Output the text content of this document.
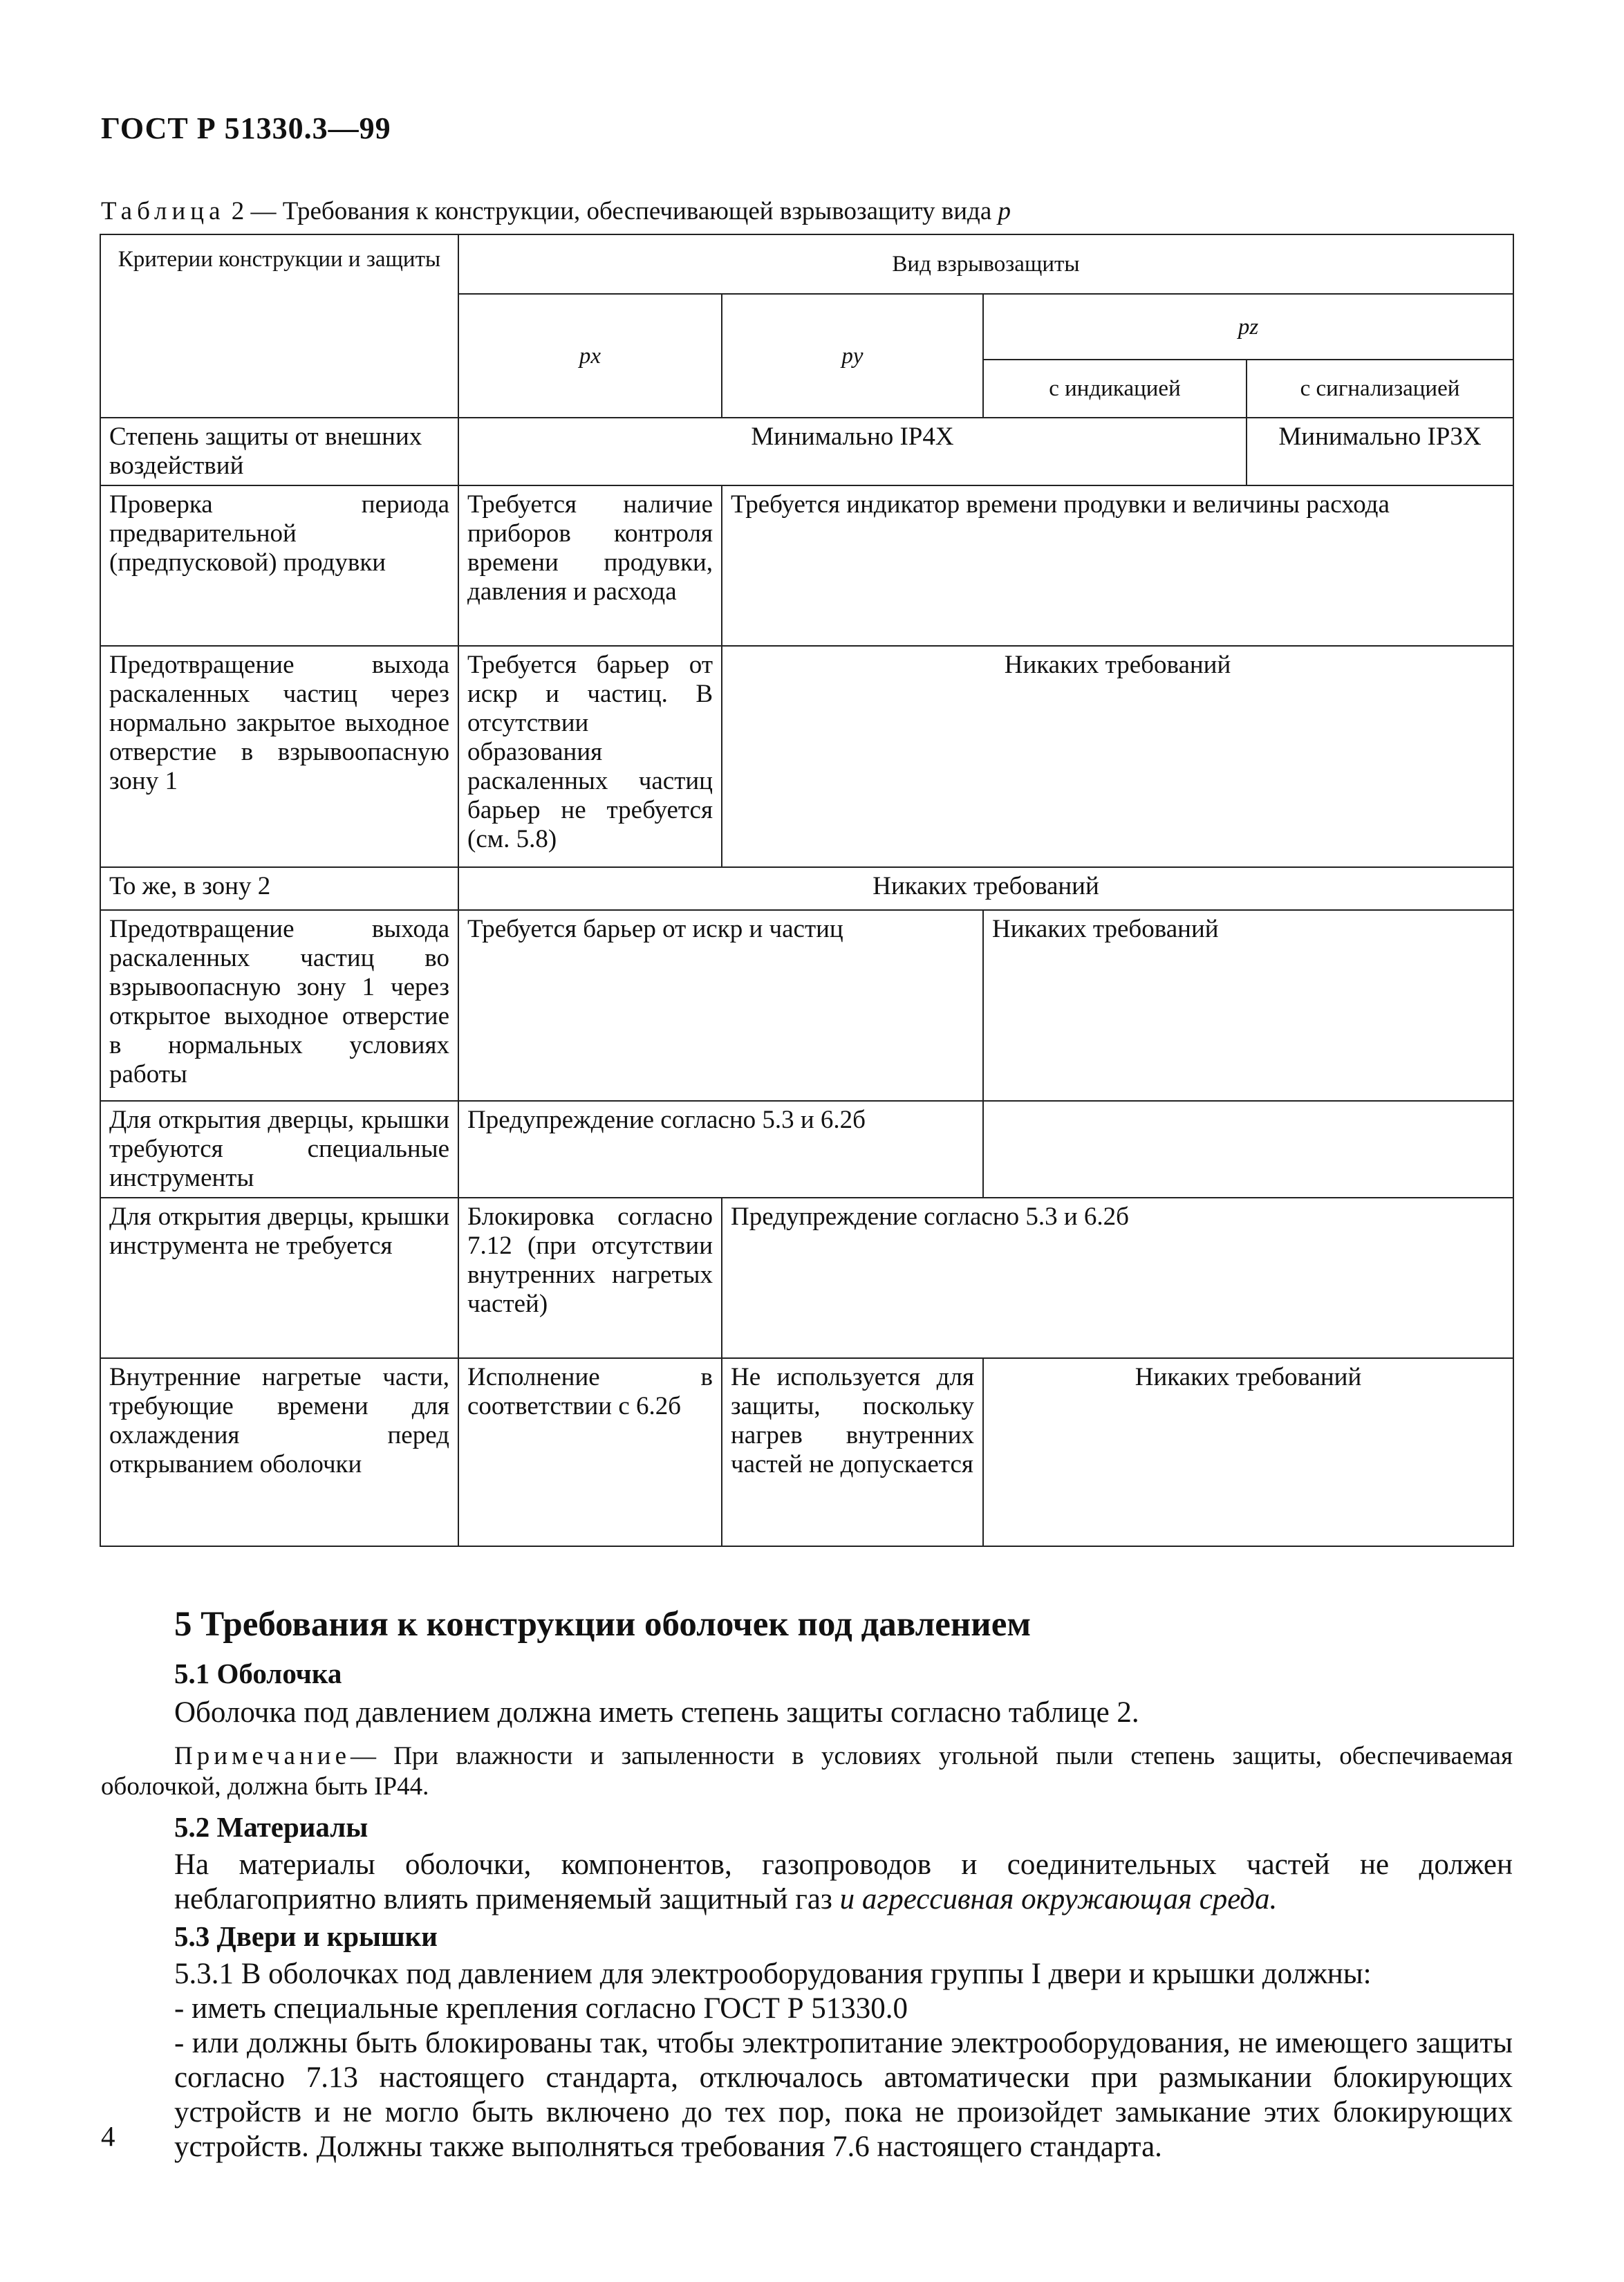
ГОСТ Р 51330.3—99
Таблица 2 — Требования к конструкции, обеспечивающей взрывозащиту вида p
Критерии конструкции и защиты	Вид взрывозащиты			
	px	py	pz	
			с индикацией	с сигнализацией
Степень защиты от внешних воздействий	Минимально IP4X			Минимально IP3X
Проверка периода предварительной (предпусковой) продувки	Требуется наличие приборов контроля времени продувки, давления и расхода	Требуется индикатор времени продувки и величины расхода		
Предотвращение выхода раскаленных частиц через нормально закрытое выходное отверстие в взрывоопасную зону 1	Требуется барьер от искр и частиц. В отсутствии образования раскаленных частиц барьер не требуется (см. 5.8)	Никаких требований		
То же, в зону 2	Никаких требований			
Предотвращение выхода раскаленных частиц во взрывоопасную зону 1 через открытое выходное отверстие в нормальных условиях работы	Требуется барьер от искр и частиц		Никаких требований	
Для открытия дверцы, крышки требуются специальные инструменты	Предупреждение согласно 5.3 и 6.2б			
Для открытия дверцы, крышки инструмента не требуется	Блокировка согласно 7.12 (при отсутствии внутренних нагретых частей)	Предупреждение согласно 5.3 и 6.2б		
Внутренние нагретые части, требующие времени для охлаждения перед открыванием оболочки	Исполнение в соответствии с 6.2б	Не используется для защиты, поскольку нагрев внутренних частей не допускается	Никаких требований	
5 Требования к конструкции оболочек под давлением
5.1 Оболочка
Оболочка под давлением должна иметь степень защиты согласно таблице 2.
Примечание— При влажности и запыленности в условиях угольной пыли степень защиты, обеспечиваемая оболочкой, должна быть IP44.
5.2 Материалы
На материалы оболочки, компонентов, газопроводов и соединительных частей не должен неблагоприятно влиять применяемый защитный газ и агрессивная окружающая среда.
5.3 Двери и крышки
5.3.1 В оболочках под давлением для электрооборудования группы I двери и крышки должны:
- иметь специальные крепления согласно ГОСТ Р 51330.0
- или должны быть блокированы так, чтобы электропитание электрооборудования, не имеющего защиты согласно 7.13 настоящего стандарта, отключалось автоматически при размыкании блокирующих устройств и не могло быть включено до тех пор, пока не произойдет замыкание этих блокирующих устройств. Должны также выполняться требования 7.6 настоящего стандарта.
4
